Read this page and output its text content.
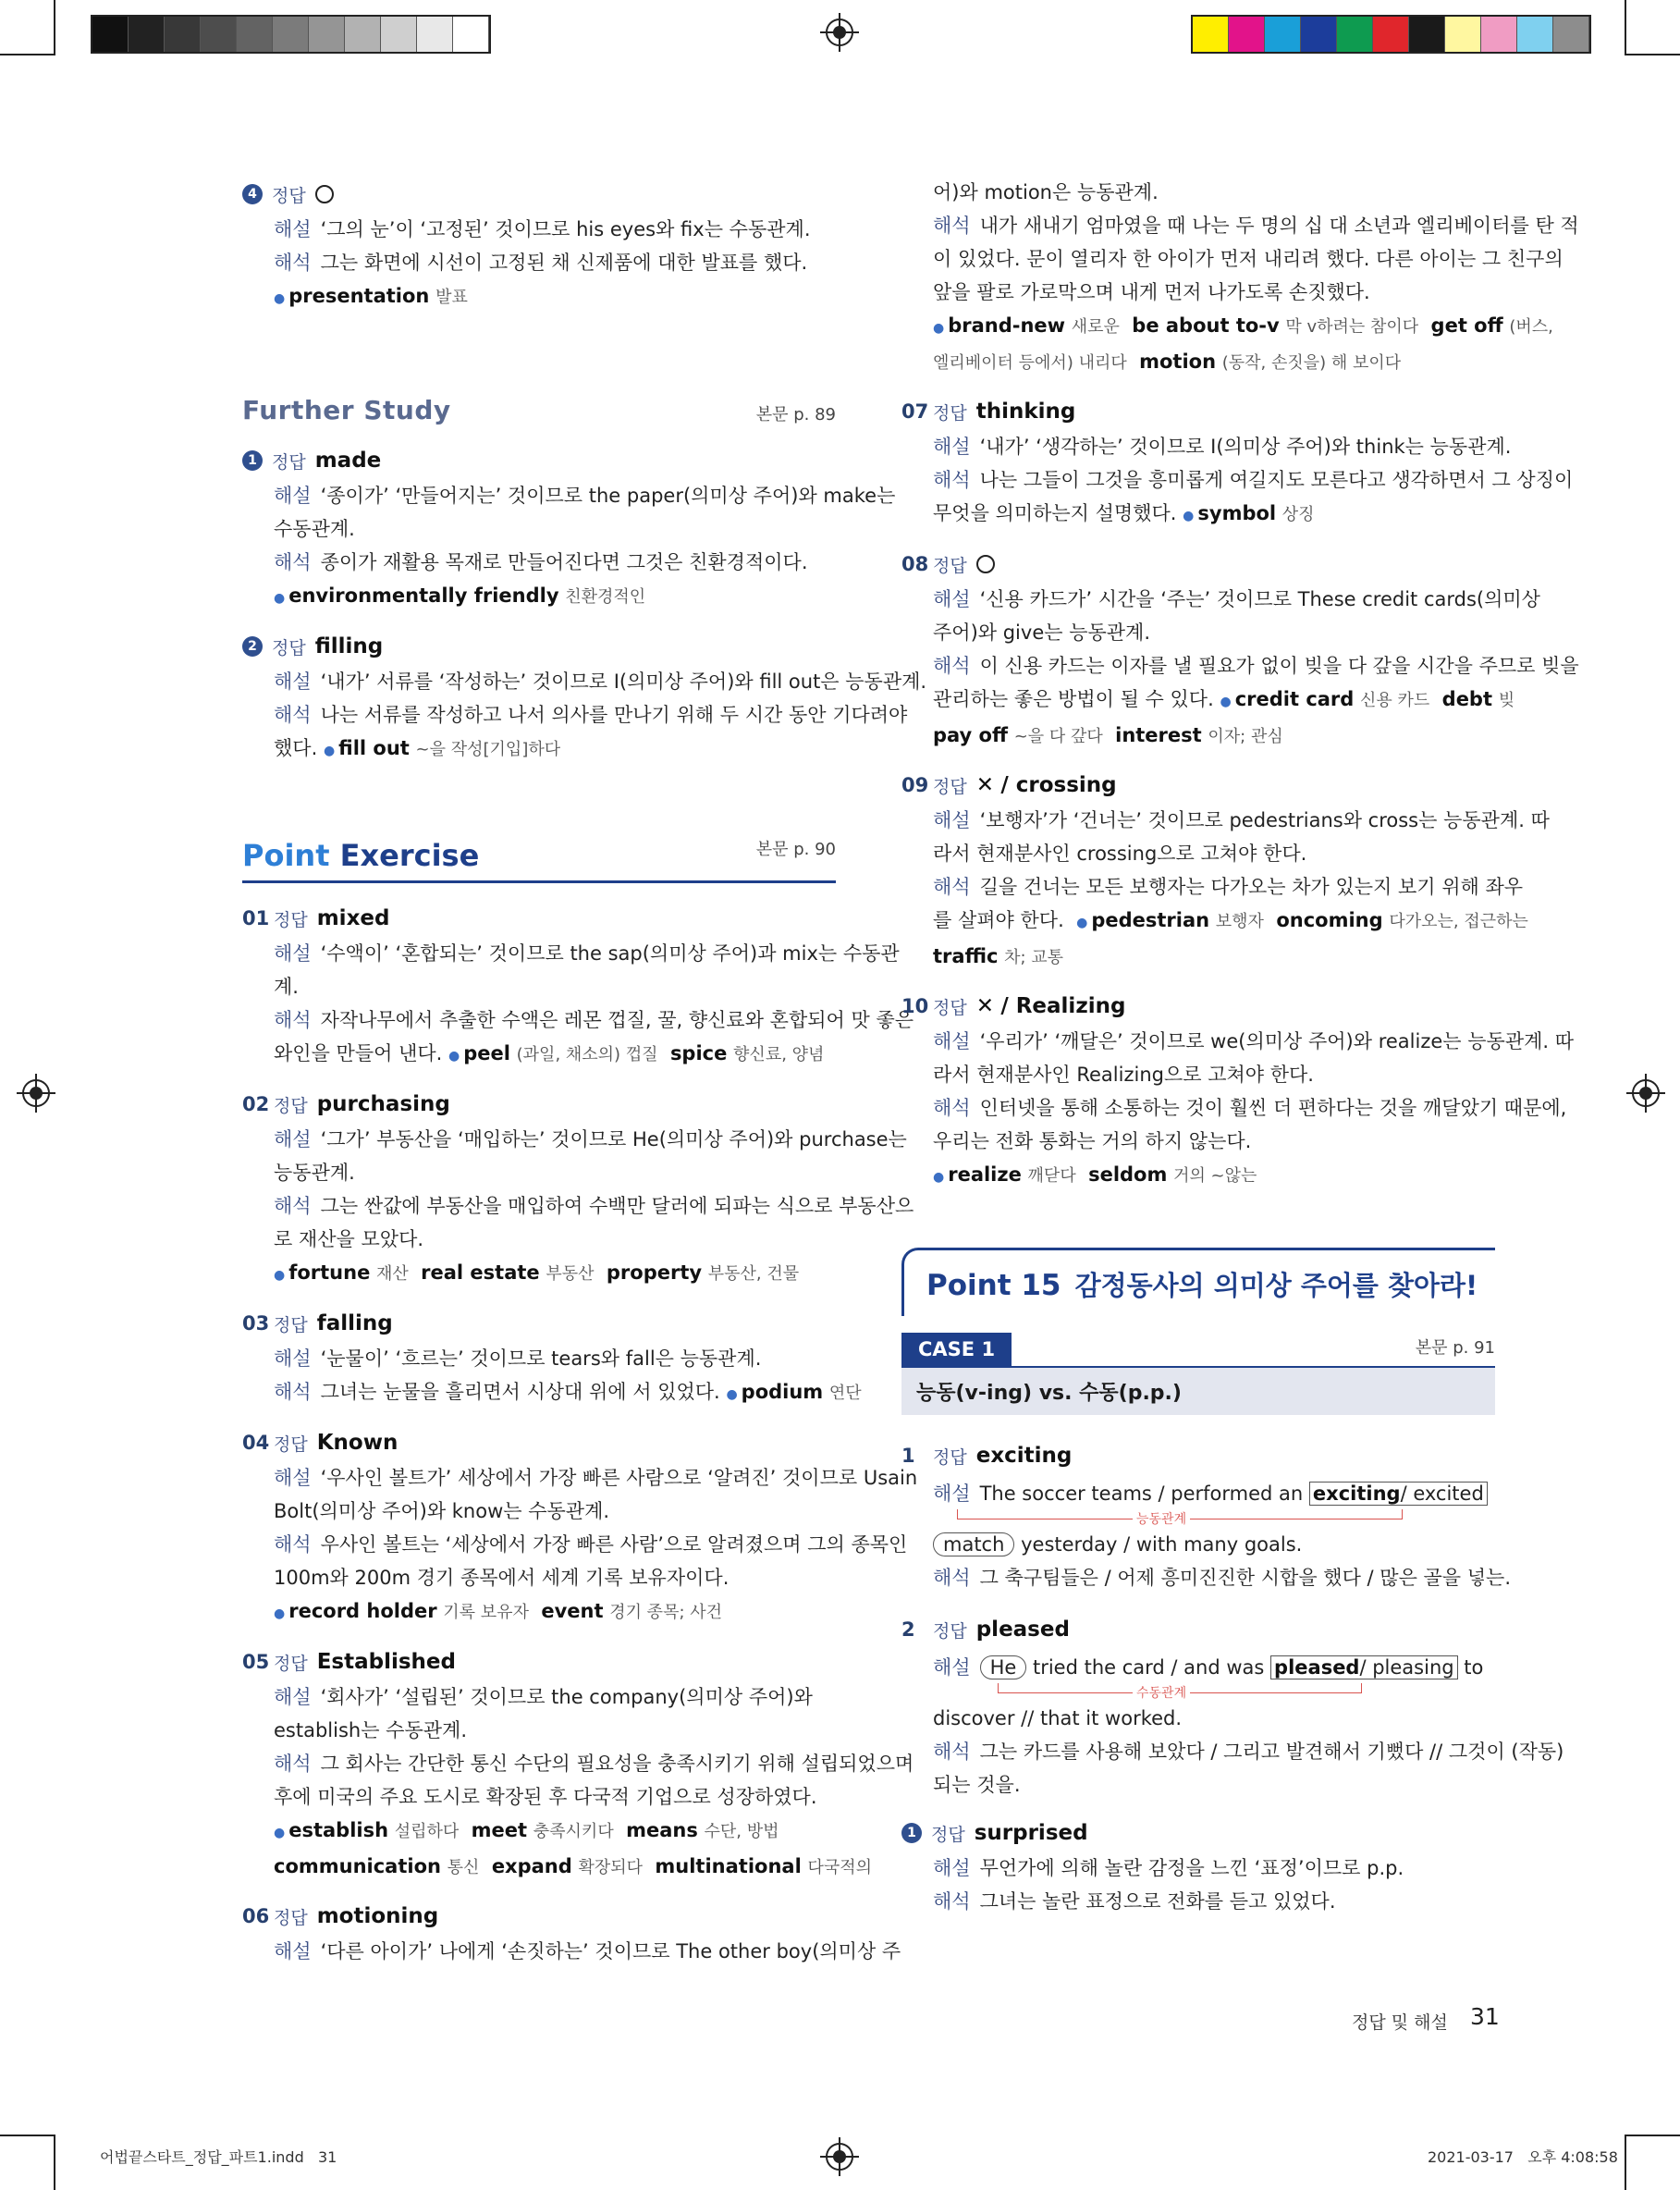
어법끝스타트_정답_파트1.indd   31	2021-03-17   오후 4:08:58
4 정답
해설 ‘그의 눈’이 ‘고정된’ 것이므로 his eyes와 fix는 수동관계.
해석 그는 화면에 시선이 고정된 채 신제품에 대한 발표를 했다.
● presentation 발표
Further Study	본문 p. 89
1 정답 made
해설 ‘종이가’ ‘만들어지는’ 것이므로 the paper(의미상 주어)와 make는
수동관계.
해석 종이가 재활용 목재로 만들어진다면 그것은 친환경적이다.
● environmentally friendly 친환경적인
2 정답 filling
해설 ‘내가’ 서류를 ‘작성하는’ 것이므로 I(의미상 주어)와 fill out은 능동관계.
해석 나는 서류를 작성하고 나서 의사를 만나기 위해 두 시간 동안 기다려야
했다. ● fill out ~을 작성[기입]하다
Point Exercise	본문 p. 90
01 정답 mixed
해설 ‘수액이’ ‘혼합되는’ 것이므로 the sap(의미상 주어)과 mix는 수동관
계.
해석 자작나무에서 추출한 수액은 레몬 껍질, 꿀, 향신료와 혼합되어 맛 좋은
와인을 만들어 낸다. ● peel (과일, 채소의) 껍질 spice 향신료, 양념
02 정답 purchasing
해설 ‘그가’ 부동산을 ‘매입하는’ 것이므로 He(의미상 주어)와 purchase는
능동관계.
해석 그는 싼값에 부동산을 매입하여 수백만 달러에 되파는 식으로 부동산으
로 재산을 모았다.
● fortune 재산 real estate 부동산 property 부동산, 건물
03 정답 falling
해설 ‘눈물이’ ‘흐르는’ 것이므로 tears와 fall은 능동관계.
해석 그녀는 눈물을 흘리면서 시상대 위에 서 있었다. ● podium 연단
04 정답 Known
해설 ‘우사인 볼트가’ 세상에서 가장 빠른 사람으로 ‘알려진’ 것이므로 Usain
Bolt(의미상 주어)와 know는 수동관계.
해석 우사인 볼트는 ‘세상에서 가장 빠른 사람’으로 알려졌으며 그의 종목인
100m와 200m 경기 종목에서 세계 기록 보유자이다.
● record holder 기록 보유자 event 경기 종목; 사건
05 정답 Established
해설 ‘회사가’ ‘설립된’ 것이므로 the company(의미상 주어)와
establish는 수동관계.
해석 그 회사는 간단한 통신 수단의 필요성을 충족시키기 위해 설립되었으며
후에 미국의 주요 도시로 확장된 후 다국적 기업으로 성장하였다.
● establish 설립하다 meet 충족시키다 means 수단, 방법
communication 통신 expand 확장되다 multinational 다국적의
06 정답 motioning
해설 ‘다른 아이가’ 나에게 ‘손짓하는’ 것이므로 The other boy(의미상 주
어)와 motion은 능동관계.
해석 내가 새내기 엄마였을 때 나는 두 명의 십 대 소년과 엘리베이터를 탄 적
이 있었다. 문이 열리자 한 아이가 먼저 내리려 했다. 다른 아이는 그 친구의
앞을 팔로 가로막으며 내게 먼저 나가도록 손짓했다.
● brand-new 새로운 be about to-v 막 v하려는 참이다 get off (버스,
엘리베이터 등에서) 내리다 motion (동작, 손짓을) 해 보이다
07 정답 thinking
해설 ‘내가’ ‘생각하는’ 것이므로 I(의미상 주어)와 think는 능동관계.
해석 나는 그들이 그것을 흥미롭게 여길지도 모른다고 생각하면서 그 상징이
무엇을 의미하는지 설명했다. ● symbol 상징
08 정답
해설 ‘신용 카드가’ 시간을 ‘주는’ 것이므로 These credit cards(의미상
주어)와 give는 능동관계.
해석 이 신용 카드는 이자를 낼 필요가 없이 빚을 다 갚을 시간을 주므로 빚을
관리하는 좋은 방법이 될 수 있다. ● credit card 신용 카드 debt 빚
pay off ~을 다 갚다 interest 이자; 관심
09 정답 ✕
/ crossing
해설 ‘보행자’가 ‘건너는’ 것이므로 pedestrians와 cross는 능동관계. 따
라서 현재분사인 crossing으로 고쳐야 한다.
해석 길을 건너는 모든 보행자는 다가오는 차가 있는지 보기 위해 좌우
를 살펴야 한다. ● pedestrian 보행자 oncoming 다가오는, 접근하는
traffic 차; 교통
10 정답 ✕
/ Realizing
해설 ‘우리가’ ‘깨달은’ 것이므로 we(의미상 주어)와 realize는 능동관계. 따
라서 현재분사인 Realizing으로 고쳐야 한다.
해석 인터넷을 통해 소통하는 것이 훨씬 더 편하다는 것을 깨달았기 때문에,
우리는 전화 통화는 거의 하지 않는다.
● realize 깨닫다 seldom 거의 ~않는
Point 15 감정동사의 의미상 주어를 찾아라!
CASE 1	본문 p. 91
능동(v-ing) vs. 수동(p.p.)
1	정답 exciting
해설 The soccer teams / performed an exciting/ excited
능동관계
match yesterday / with many goals.
해석 그 축구팀들은 / 어제 흥미진진한 시합을 했다 / 많은 골을 넣는.
2	정답 pleased
해설 He tried the card / and was pleased/ pleasing to
수동관계
discover // that it worked.
해석 그는 카드를 사용해 보았다 / 그리고 발견해서 기뻤다 // 그것이 (작동)
되는 것을.
1 정답 surprised
해설 무언가에 의해 놀란 감정을 느낀 ‘표정’이므로 p.p.
해석 그녀는 놀란 표정으로 전화를 듣고 있었다.
정답 및 해설 31
